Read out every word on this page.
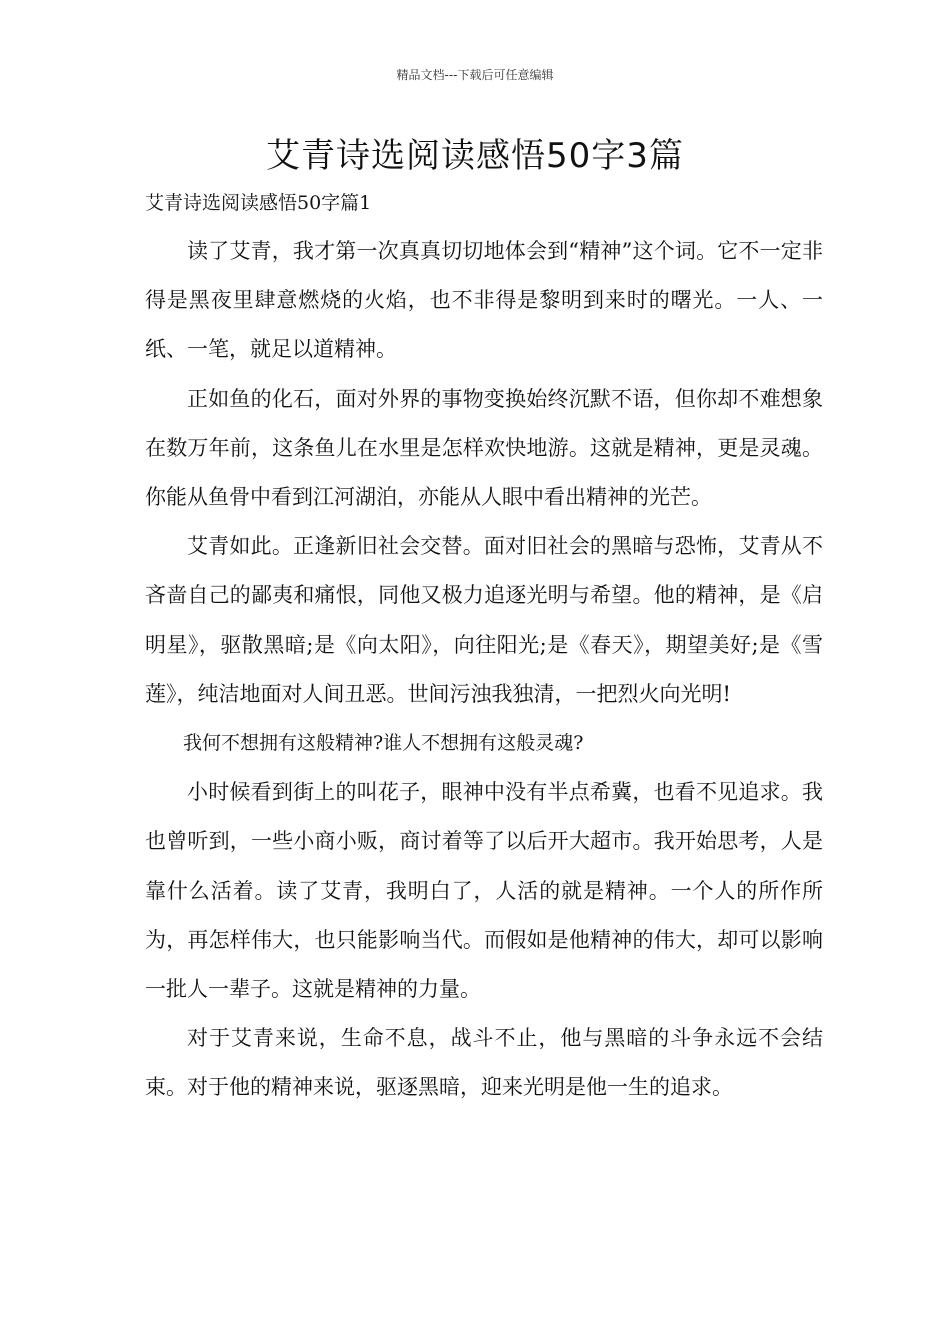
精品文档---下载后可任意编辑
艾青诗选阅读感悟50字3篇
艾青诗选阅读感悟50字篇1

读了艾青，我才第一次真真切切地体会到“精神”这个词。它不一定非得是黑夜里肆意燃烧的火焰，也不非得是黎明到来时的曙光。一人、一纸、一笔，就足以道精神。

正如鱼的化石，面对外界的事物变换始终沉默不语，但你却不难想象在数万年前，这条鱼儿在水里是怎样欢快地游。这就是精神，更是灵魂。你能从鱼骨中看到江河湖泊，亦能从人眼中看出精神的光芒。

艾青如此。正逢新旧社会交替。面对旧社会的黑暗与恐怖，艾青从不吝啬自己的鄙夷和痛恨，同他又极力追逐光明与希望。他的精神，是《启明星》，驱散黑暗;是《向太阳》，向往阳光;是《春天》，期望美好;是《雪莲》，纯洁地面对人间丑恶。世间污浊我独清，一把烈火向光明!

我何不想拥有这般精神?谁人不想拥有这般灵魂?

小时候看到街上的叫花子，眼神中没有半点希冀，也看不见追求。我也曾听到，一些小商小贩，商讨着等了以后开大超市。我开始思考，人是靠什么活着。读了艾青，我明白了，人活的就是精神。一个人的所作所为，再怎样伟大，也只能影响当代。而假如是他精神的伟大，却可以影响一批人一辈子。这就是精神的力量。

对于艾青来说，生命不息，战斗不止，他与黑暗的斗争永远不会结束。对于他的精神来说，驱逐黑暗，迎来光明是他一生的追求。
